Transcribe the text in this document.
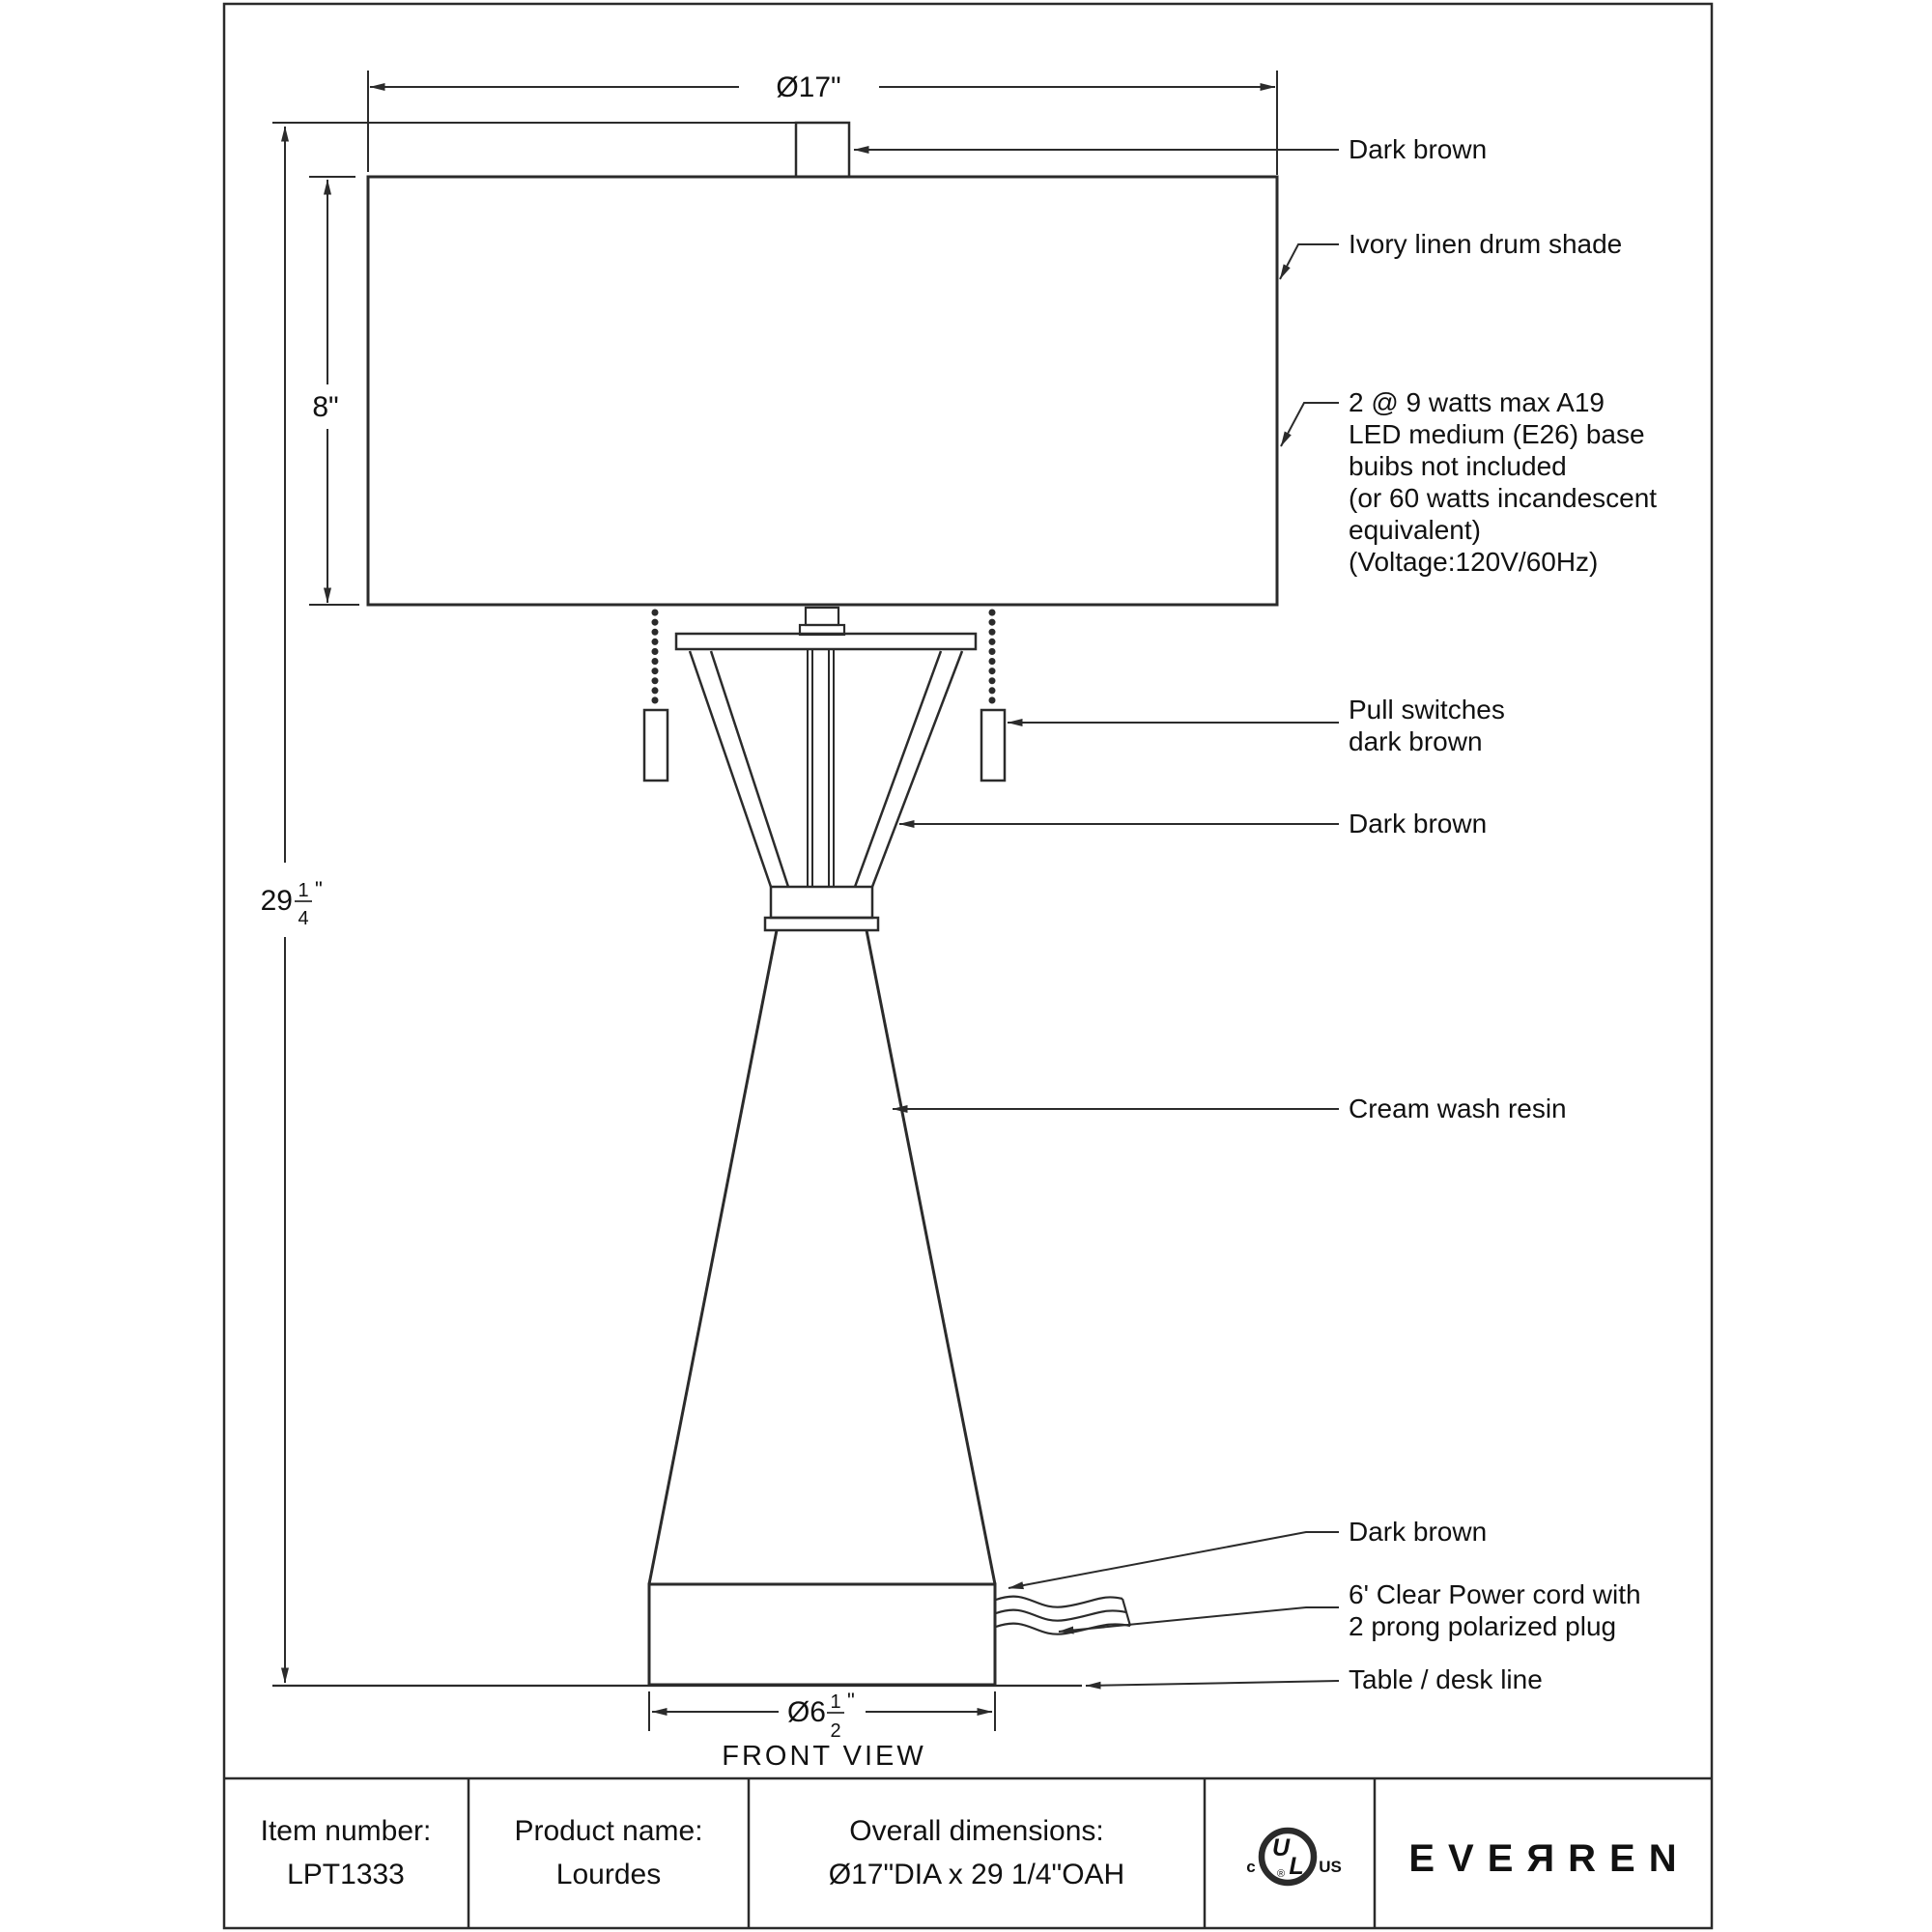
Ø17"
8"
29 1
4
"
Ø6 1
2
"
Dark brown
Ivory linen drum shade
2 @ 9 watts max A19
LED medium (E26) base
buibs not included
(or 60 watts incandescent
equivalent)
(Voltage:120V/60Hz)
Pull switches
dark brown
Dark brown
Cream wash resin
Dark brown
6' Clear Power cord with
2 prong polarized plug
Table / desk line
FRONT VIEW
Item number:
LPT1333
Product name:
Lourdes
Overall dimensions:
Ø17"DIA x 29 1/4"OAH
U
L
®
c	US EVEЯREN
